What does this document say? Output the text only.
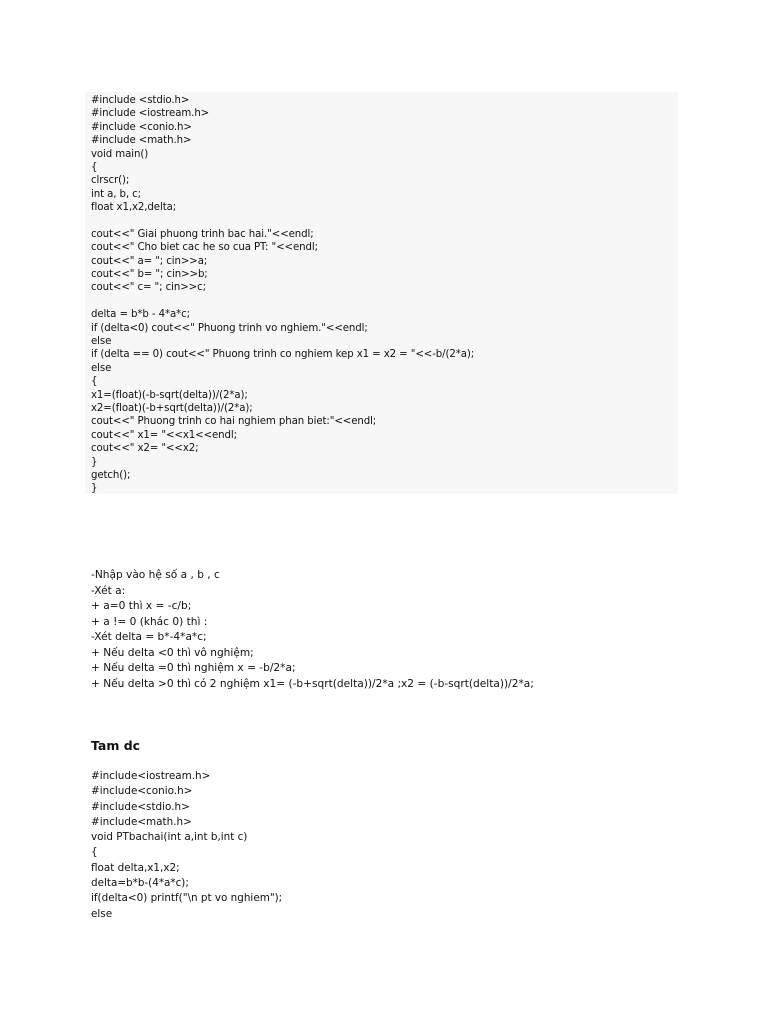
#include <stdio.h>
#include <iostream.h>
#include <conio.h>
#include <math.h>
void main()
{
clrscr();
int a, b, c;
float x1,x2,delta;
cout<<" Giai phuong trinh bac hai."<<endl;
cout<<" Cho biet cac he so cua PT: "<<endl;
cout<<" a= "; cin>>a;
cout<<" b= "; cin>>b;
cout<<" c= "; cin>>c;
delta = b*b - 4*a*c;
if (delta<0) cout<<" Phuong trinh vo nghiem."<<endl;
else
if (delta == 0) cout<<" Phuong trinh co nghiem kep x1 = x2 = "<<-b/(2*a);
else
{
x1=(float)(-b-sqrt(delta))/(2*a);
x2=(float)(-b+sqrt(delta))/(2*a);
cout<<" Phuong trinh co hai nghiem phan biet:"<<endl;
cout<<" x1= "<<x1<<endl;
cout<<" x2= "<<x2;
}
getch();
}
-Nhập vào hệ số a , b , c
-Xét a:
+ a=0 thì x = -c/b;
+ a != 0 (khác 0) thì :
-Xét delta = b*-4*a*c;
+ Nếu delta <0 thì vô nghiệm;
+ Nếu delta =0 thì nghiệm x = -b/2*a;
+ Nếu delta >0 thì có 2 nghiệm x1= (-b+sqrt(delta))/2*a ;x2 = (-b-sqrt(delta))/2*a;
Tam dc
#include<iostream.h>
#include<conio.h>
#include<stdio.h>
#include<math.h>
void PTbachai(int a,int b,int c)
{
float delta,x1,x2;
delta=b*b-(4*a*c);
if(delta<0) printf("\n pt vo nghiem");
else
